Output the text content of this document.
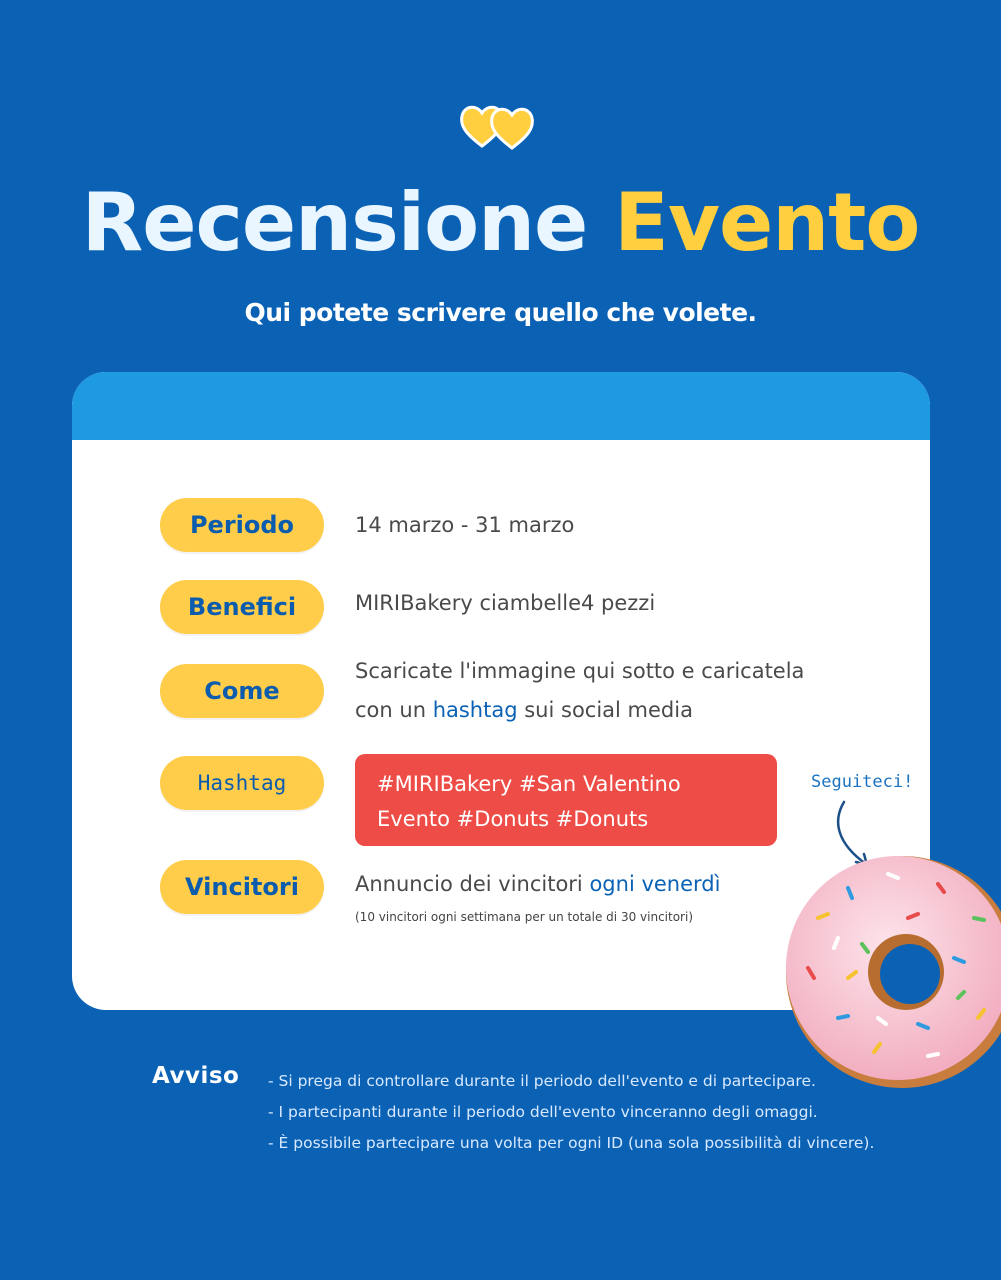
Recensione Evento
Qui potete scrivere quello che volete.
Periodo	14 marzo - 31 marzo
Benefici	MIRIBakery ciambelle4 pezzi
Come
Scaricate l'immagine qui sotto e caricatela
con un hashtag sui social media
Hashtag	#MIRIBakery #San Valentino
Evento #Donuts #Donuts
Vincitori	Annuncio dei vincitori ogni venerdì
(10 vincitori ogni settimana per un totale di 30 vincitori)
Seguiteci!
Avviso - Si prega di controllare durante il periodo dell'evento e di partecipare.
- I partecipanti durante il periodo dell'evento vinceranno degli omaggi.
- È possibile partecipare una volta per ogni ID (una sola possibilità di vincere).
